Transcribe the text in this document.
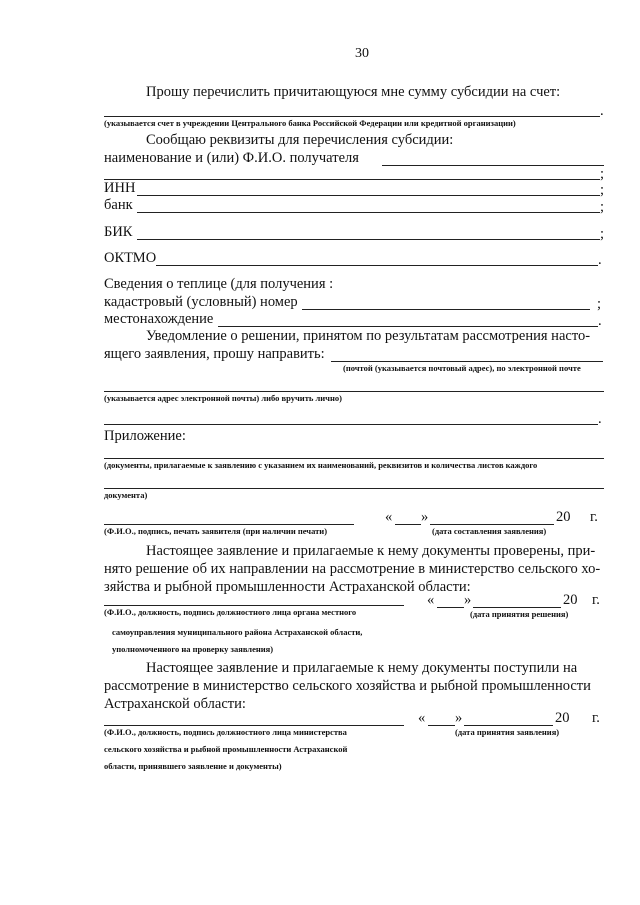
30
Прошу перечислить причитающуюся мне сумму субсидии на счет:
.
(указывается счет в учреждении Центрального банка Российской Федерации или кредитной организации)
Сообщаю реквизиты для перечисления субсидии:
наименование и (или) Ф.И.О. получателя
;
ИНН	;
банк	;
БИК	;
ОКТМО	.
Сведения о теплице (для получения :
кадастровый (условный) номер	;
местонахождение	.
Уведомление о решении, принятом по результатам рассмотрения насто-
ящего заявления, прошу направить:
(почтой (указывается почтовый адрес), по электронной почте
(указывается адрес электронной почты) либо вручить лично)
.
Приложение:
(документы, прилагаемые к заявлению с указанием их наименований, реквизитов и количества листов каждого
документа)
(Ф.И.О., подпись, печать заявителя (при наличии печати)
« »	20 г.
(дата составления заявления)
Настоящее заявление и прилагаемые к нему документы проверены, при-
нято решение об их направлении на рассмотрение в министерство сельского хо-
зяйства и рыбной промышленности Астраханской области:
(Ф.И.О., должность, подпись должностного лица органа местного
самоуправления муниципального района Астраханской области,
уполномоченного на проверку заявления)
« »	20 г.
(дата принятия решения)
Настоящее заявление и прилагаемые к нему документы поступили на
рассмотрение в министерство сельского хозяйства и рыбной промышленности
Астраханской области:
(Ф.И.О., должность, подпись должностного лица министерства
сельского хозяйства и рыбной промышленности Астраханской
области, принявшего заявление и документы)
« »	20 г.
(дата принятия заявления)
